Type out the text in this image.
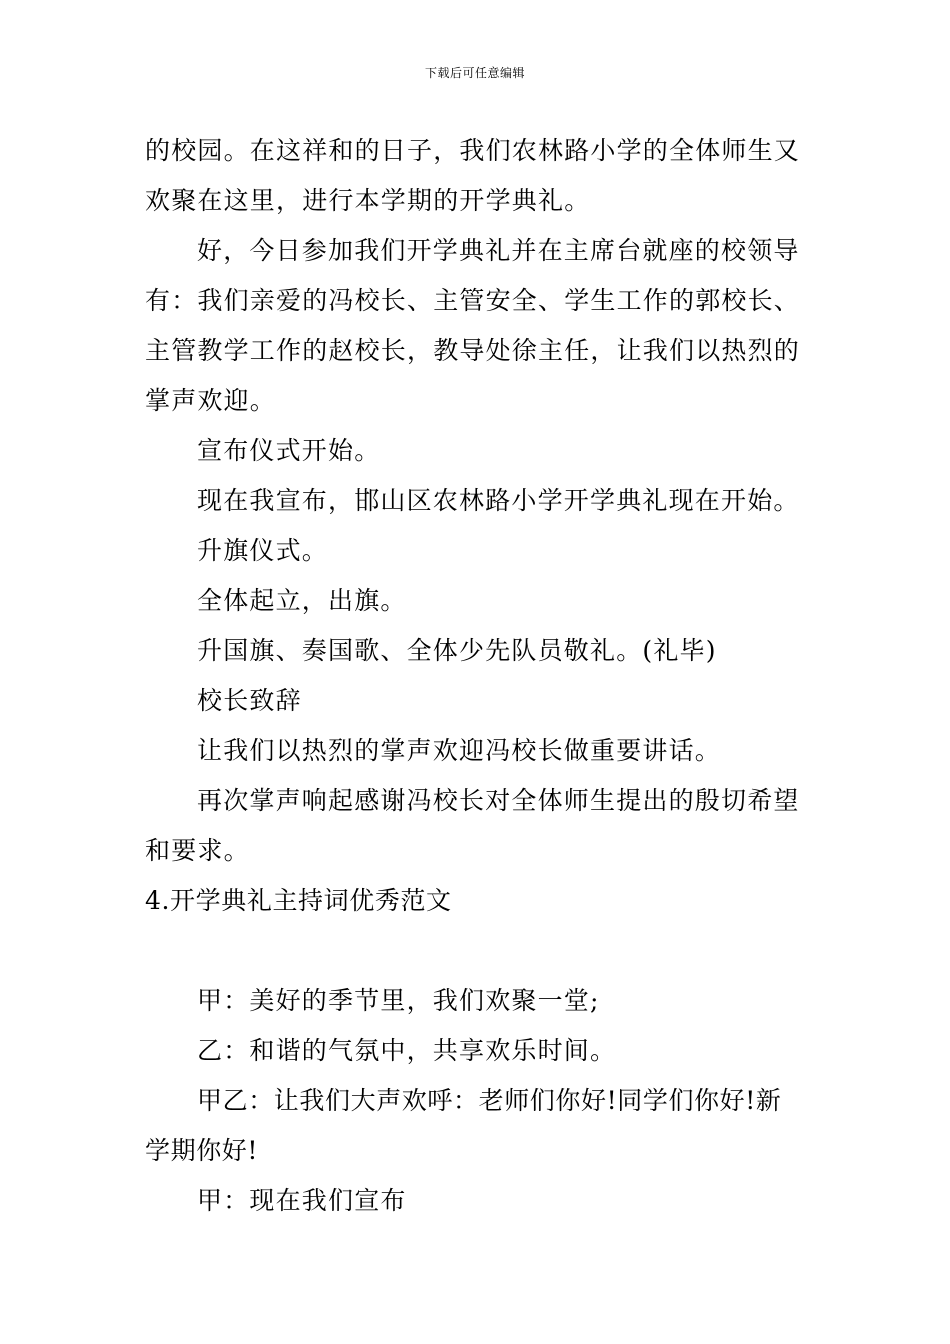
下载后可任意编辑

的校园。在这祥和的日子，我们农林路小学的全体师生又欢聚在这里，进行本学期的开学典礼。

好，今日参加我们开学典礼并在主席台就座的校领导有：我们亲爱的冯校长、主管安全、学生工作的郭校长、主管教学工作的赵校长，教导处徐主任，让我们以热烈的掌声欢迎。

宣布仪式开始。

现在我宣布，邯山区农林路小学开学典礼现在开始。

升旗仪式。

全体起立，出旗。

升国旗、奏国歌、全体少先队员敬礼。(礼毕)

校长致辞

让我们以热烈的掌声欢迎冯校长做重要讲话。

再次掌声响起感谢冯校长对全体师生提出的殷切希望和要求。

4.开学典礼主持词优秀范文

甲：美好的季节里，我们欢聚一堂;

乙：和谐的气氛中，共享欢乐时间。

甲乙：让我们大声欢呼：老师们你好!同学们你好!新学期你好!

甲：现在我们宣布
